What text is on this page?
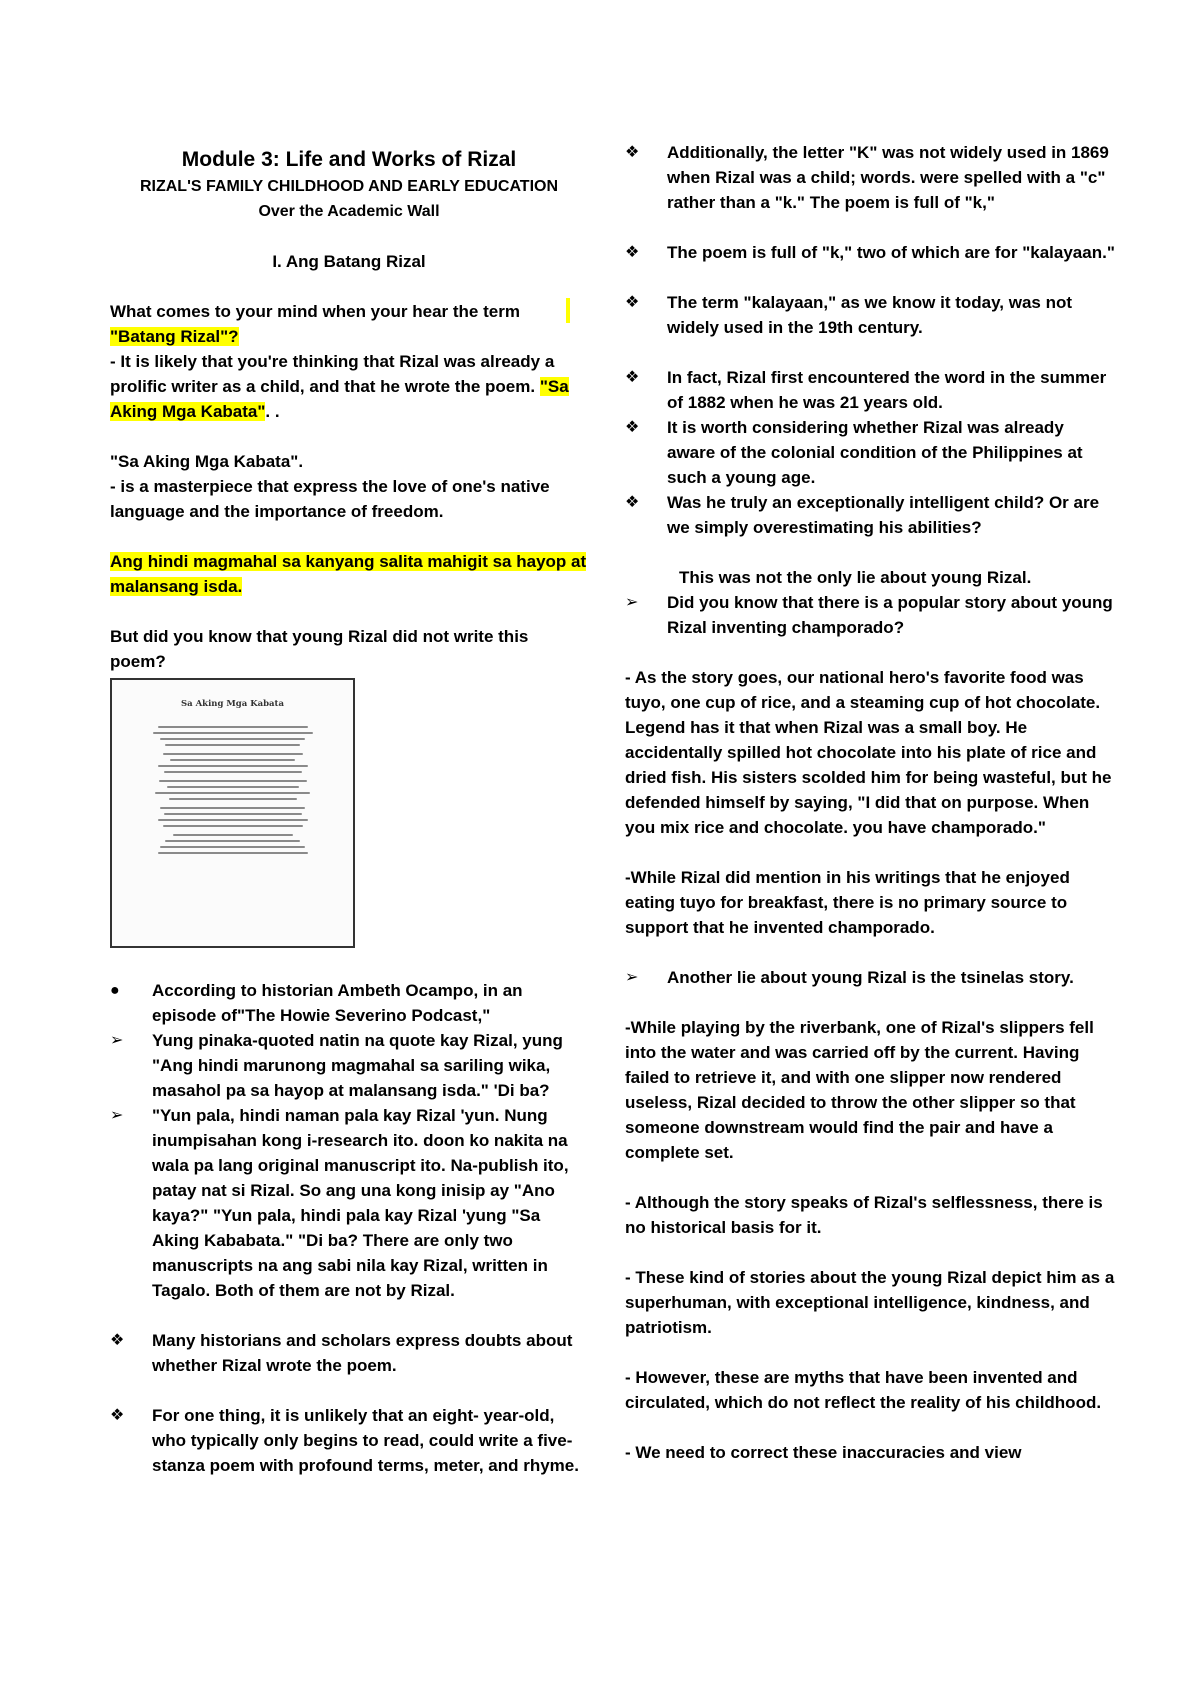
Module 3: Life and Works of Rizal
RIZAL'S FAMILY CHILDHOOD AND EARLY EDUCATION
Over the Academic Wall
I. Ang Batang Rizal
What comes to your mind when your hear the term
"Batang Rizal"?
- It is likely that you're thinking that Rizal was already a prolific writer as a child, and that he wrote the poem. "Sa Aking Mga Kabata". .
"Sa Aking Mga Kabata".
- is a masterpiece that express the love of one's native language and the importance of freedom.
Ang hindi magmahal sa kanyang salita mahigit sa hayop at malansang isda.
But did you know that young Rizal did not write this poem?
Sa Aking Mga Kabata
●	According to historian Ambeth Ocampo, in an episode of"The Howie Severino Podcast,"
➢	Yung pinaka-quoted natin na quote kay Rizal, yung "Ang hindi marunong magmahal sa sariling wika, masahol pa sa hayop at malansang isda." 'Di ba?
➢	"Yun pala, hindi naman pala kay Rizal 'yun. Nung inumpisahan kong i-research ito. doon ko nakita na wala pa lang original manuscript ito. Na-publish ito, patay nat si Rizal. So ang una kong inisip ay "Ano kaya?" "Yun pala, hindi pala kay Rizal 'yung "Sa Aking Kababata." "Di ba? There are only two manuscripts na ang sabi nila kay Rizal, written in Tagalo. Both of them are not by Rizal.
❖	Many historians and scholars express doubts about whether Rizal wrote the poem.
❖	For one thing, it is unlikely that an eight- year-old, who typically only begins to read, could write a five-stanza poem with profound terms, meter, and rhyme.
❖	Additionally, the letter "K" was not widely used in 1869 when Rizal was a child; words. were spelled with a "c" rather than a "k." The poem is full of "k,"
❖	The poem is full of "k," two of which are for "kalayaan."
❖	The term "kalayaan," as we know it today, was not widely used in the 19th century.
❖	In fact, Rizal first encountered the word in the summer of 1882 when he was 21 years old.
❖	It is worth considering whether Rizal was already aware of the colonial condition of the Philippines at such a young age.
❖	Was he truly an exceptionally intelligent child? Or are we simply overestimating his abilities?
This was not the only lie about young Rizal.
➢	Did you know that there is a popular story about young Rizal inventing champorado?
- As the story goes, our national hero's favorite food was tuyo, one cup of rice, and a steaming cup of hot chocolate. Legend has it that when Rizal was a small boy. He accidentally spilled hot chocolate into his plate of rice and dried fish. His sisters scolded him for being wasteful, but he defended himself by saying, "I did that on purpose. When you mix rice and chocolate. you have champorado."
-While Rizal did mention in his writings that he enjoyed eating tuyo for breakfast, there is no primary source to support that he invented champorado.
➢	Another lie about young Rizal is the tsinelas story.
-While playing by the riverbank, one of Rizal's slippers fell into the water and was carried off by the current. Having failed to retrieve it, and with one slipper now rendered useless, Rizal decided to throw the other slipper so that someone downstream would find the pair and have a complete set.
- Although the story speaks of Rizal's selflessness, there is no historical basis for it.
- These kind of stories about the young Rizal depict him as a superhuman, with exceptional intelligence, kindness, and patriotism.
- However, these are myths that have been invented and circulated, which do not reflect the reality of his childhood.
- We need to correct these inaccuracies and view
